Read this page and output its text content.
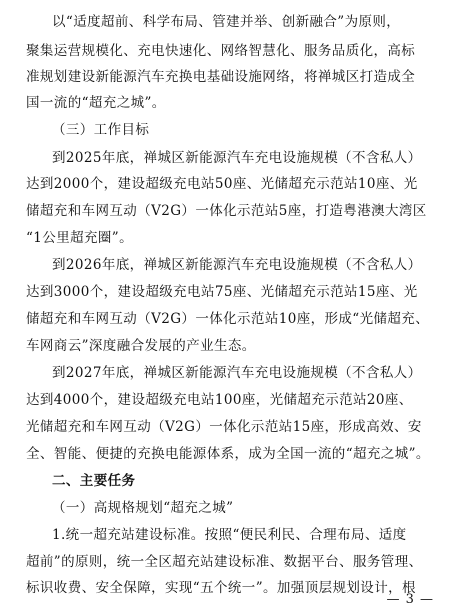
以“适度超前、科学布局、管建并举、创新融合”为原则，

聚集运营规模化、充电快速化、网络智慧化、服务品质化，高标

准规划建设新能源汽车充换电基础设施网络，将禅城区打造成全

国一流的“超充之城”。

（三）工作目标

到2025年底，禅城区新能源汽车充电设施规模（不含私人）

达到2000个，建设超级充电站50座、光储超充示范站10座、光

储超充和车网互动（V2G）一体化示范站5座，打造粤港澳大湾区

“1公里超充圈”。

到2026年底，禅城区新能源汽车充电设施规模（不含私人）

达到3000个，建设超级充电站75座、光储超充示范站15座、光

储超充和车网互动（V2G）一体化示范站10座，形成“光储超充、

车网商云”深度融合发展的产业生态。

到2027年底，禅城区新能源汽车充电设施规模（不含私人）

达到4000个，建设超级充电站100座，光储超充示范站20座、

光储超充和车网互动（V2G）一体化示范站15座，形成高效、安

全、智能、便捷的充换电能源体系，成为全国一流的“超充之城”。

二、主要任务

（一）高规格规划“超充之城”

1.统一超充站建设标准。按照“便民利民、合理布局、适度

超前”的原则，统一全区超充站建设标准、数据平台、服务管理、

标识收费、安全保障，实现“五个统一”。加强顶层规划设计，根

— 3 —
